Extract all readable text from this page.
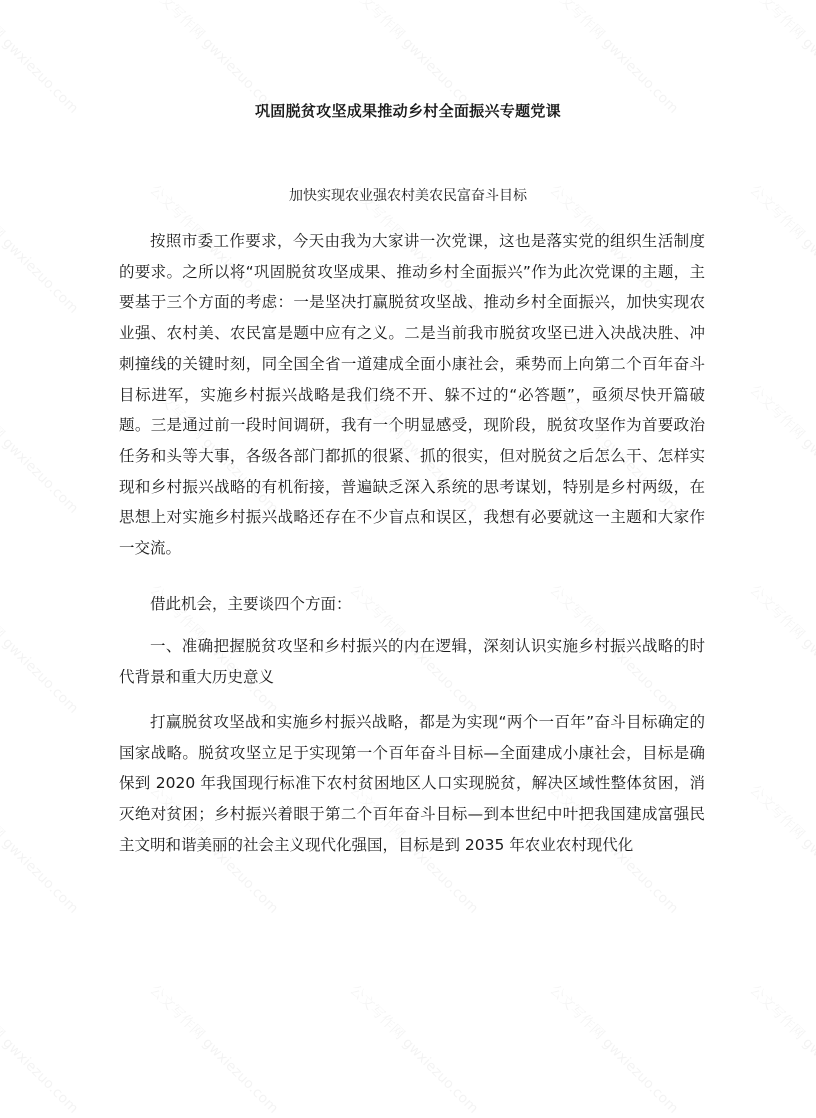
巩固脱贫攻坚成果推动乡村全面振兴专题党课
加快实现农业强农村美农民富奋斗目标

按照市委工作要求，今天由我为大家讲一次党课，这也是落实党的组织生活制度的要求。之所以将“巩固脱贫攻坚成果、推动乡村全面振兴”作为此次党课的主题，主要基于三个方面的考虑：一是坚决打赢脱贫攻坚战、推动乡村全面振兴，加快实现农业强、农村美、农民富是题中应有之义。二是当前我市脱贫攻坚已进入决战决胜、冲刺撞线的关键时刻，同全国全省一道建成全面小康社会，乘势而上向第二个百年奋斗目标进军，实施乡村振兴战略是我们绕不开、躲不过的“必答题”，亟须尽快开篇破题。三是通过前一段时间调研，我有一个明显感受，现阶段，脱贫攻坚作为首要政治任务和头等大事，各级各部门都抓的很紧、抓的很实，但对脱贫之后怎么干、怎样实现和乡村振兴战略的有机衔接，普遍缺乏深入系统的思考谋划，特别是乡村两级，在思想上对实施乡村振兴战略还存在不少盲点和误区，我想有必要就这一主题和大家作一交流。

借此机会，主要谈四个方面：

一、准确把握脱贫攻坚和乡村振兴的内在逻辑，深刻认识实施乡村振兴战略的时代背景和重大历史意义

打赢脱贫攻坚战和实施乡村振兴战略，都是为实现“两个一百年”奋斗目标确定的国家战略。脱贫攻坚立足于实现第一个百年奋斗目标—全面建成小康社会，目标是确保到 2020 年我国现行标准下农村贫困地区人口实现脱贫，解决区域性整体贫困，消灭绝对贫困；乡村振兴着眼于第二个百年奋斗目标—到本世纪中叶把我国建成富强民主文明和谐美丽的社会主义现代化强国，目标是到 2035 年农业农村现代化
